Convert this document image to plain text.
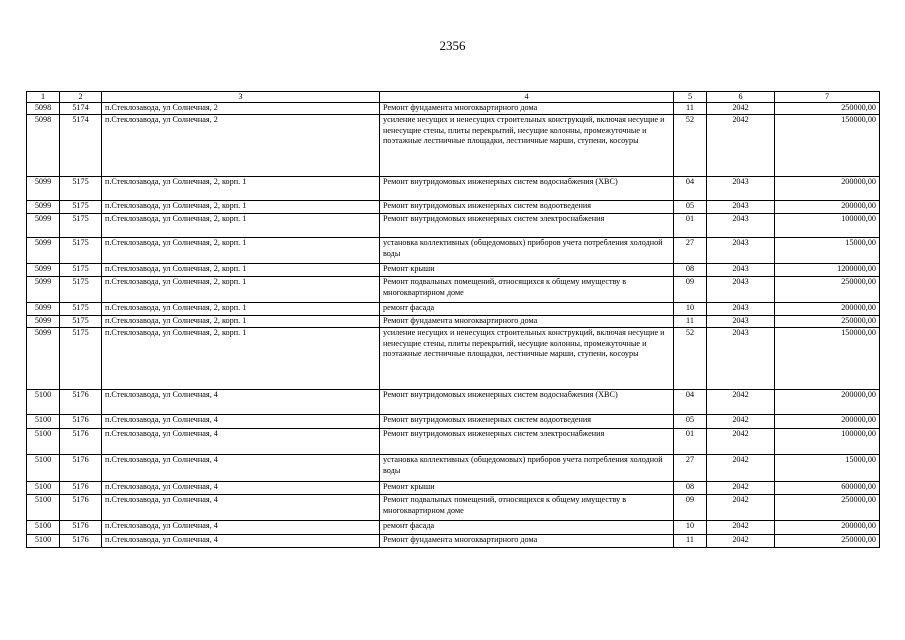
2356
1	2	3	4	5	6	7
5098	5174	п.Стеклозавода, ул Солнечная, 2	Ремонт фундамента многоквартирного дома	11	2042	250000,00
5098	5174	п.Стеклозавода, ул Солнечная, 2	усиление несущих и ненесущих строительных конструкций, включая несущие и ненесущие стены, плиты перекрытий, несущие колонны, промежуточные и поэтажные лестничные площадки, лестничные марши, ступени, косоуры	52	2042	150000,00
5099	5175	п.Стеклозавода, ул Солнечная, 2, корп. 1	Ремонт внутридомовых инженерных систем водоснабжения (ХВС)	04	2043	200000,00
5099	5175	п.Стеклозавода, ул Солнечная, 2, корп. 1	Ремонт внутридомовых инженерных систем водоотведения	05	2043	200000,00
5099	5175	п.Стеклозавода, ул Солнечная, 2, корп. 1	Ремонт внутридомовых инженерных систем электроснабжения	01	2043	100000,00
5099	5175	п.Стеклозавода, ул Солнечная, 2, корп. 1	установка коллективных (общедомовых) приборов учета потребления холодной воды	27	2043	15000,00
5099	5175	п.Стеклозавода, ул Солнечная, 2, корп. 1	Ремонт крыши	08	2043	1200000,00
5099	5175	п.Стеклозавода, ул Солнечная, 2, корп. 1	Ремонт подвальных помещений, относящихся к общему имуществу в многоквартирном доме	09	2043	250000,00
5099	5175	п.Стеклозавода, ул Солнечная, 2, корп. 1	ремонт фасада	10	2043	200000,00
5099	5175	п.Стеклозавода, ул Солнечная, 2, корп. 1	Ремонт фундамента многоквартирного дома	11	2043	250000,00
5099	5175	п.Стеклозавода, ул Солнечная, 2, корп. 1	усиление несущих и ненесущих строительных конструкций, включая несущие и ненесущие стены, плиты перекрытий, несущие колонны, промежуточные и поэтажные лестничные площадки, лестничные марши, ступени, косоуры	52	2043	150000,00
5100	5176	п.Стеклозавода, ул Солнечная, 4	Ремонт внутридомовых инженерных систем водоснабжения (ХВС)	04	2042	200000,00
5100	5176	п.Стеклозавода, ул Солнечная, 4	Ремонт внутридомовых инженерных систем водоотведения	05	2042	200000,00
5100	5176	п.Стеклозавода, ул Солнечная, 4	Ремонт внутридомовых инженерных систем электроснабжения	01	2042	100000,00
5100	5176	п.Стеклозавода, ул Солнечная, 4	установка коллективных (общедомовых) приборов учета потребления холодной воды	27	2042	15000,00
5100	5176	п.Стеклозавода, ул Солнечная, 4	Ремонт крыши	08	2042	600000,00
5100	5176	п.Стеклозавода, ул Солнечная, 4	Ремонт подвальных помещений, относящихся к общему имуществу в многоквартирном доме	09	2042	250000,00
5100	5176	п.Стеклозавода, ул Солнечная, 4	ремонт фасада	10	2042	200000,00
5100	5176	п.Стеклозавода, ул Солнечная, 4	Ремонт фундамента многоквартирного дома	11	2042	250000,00
